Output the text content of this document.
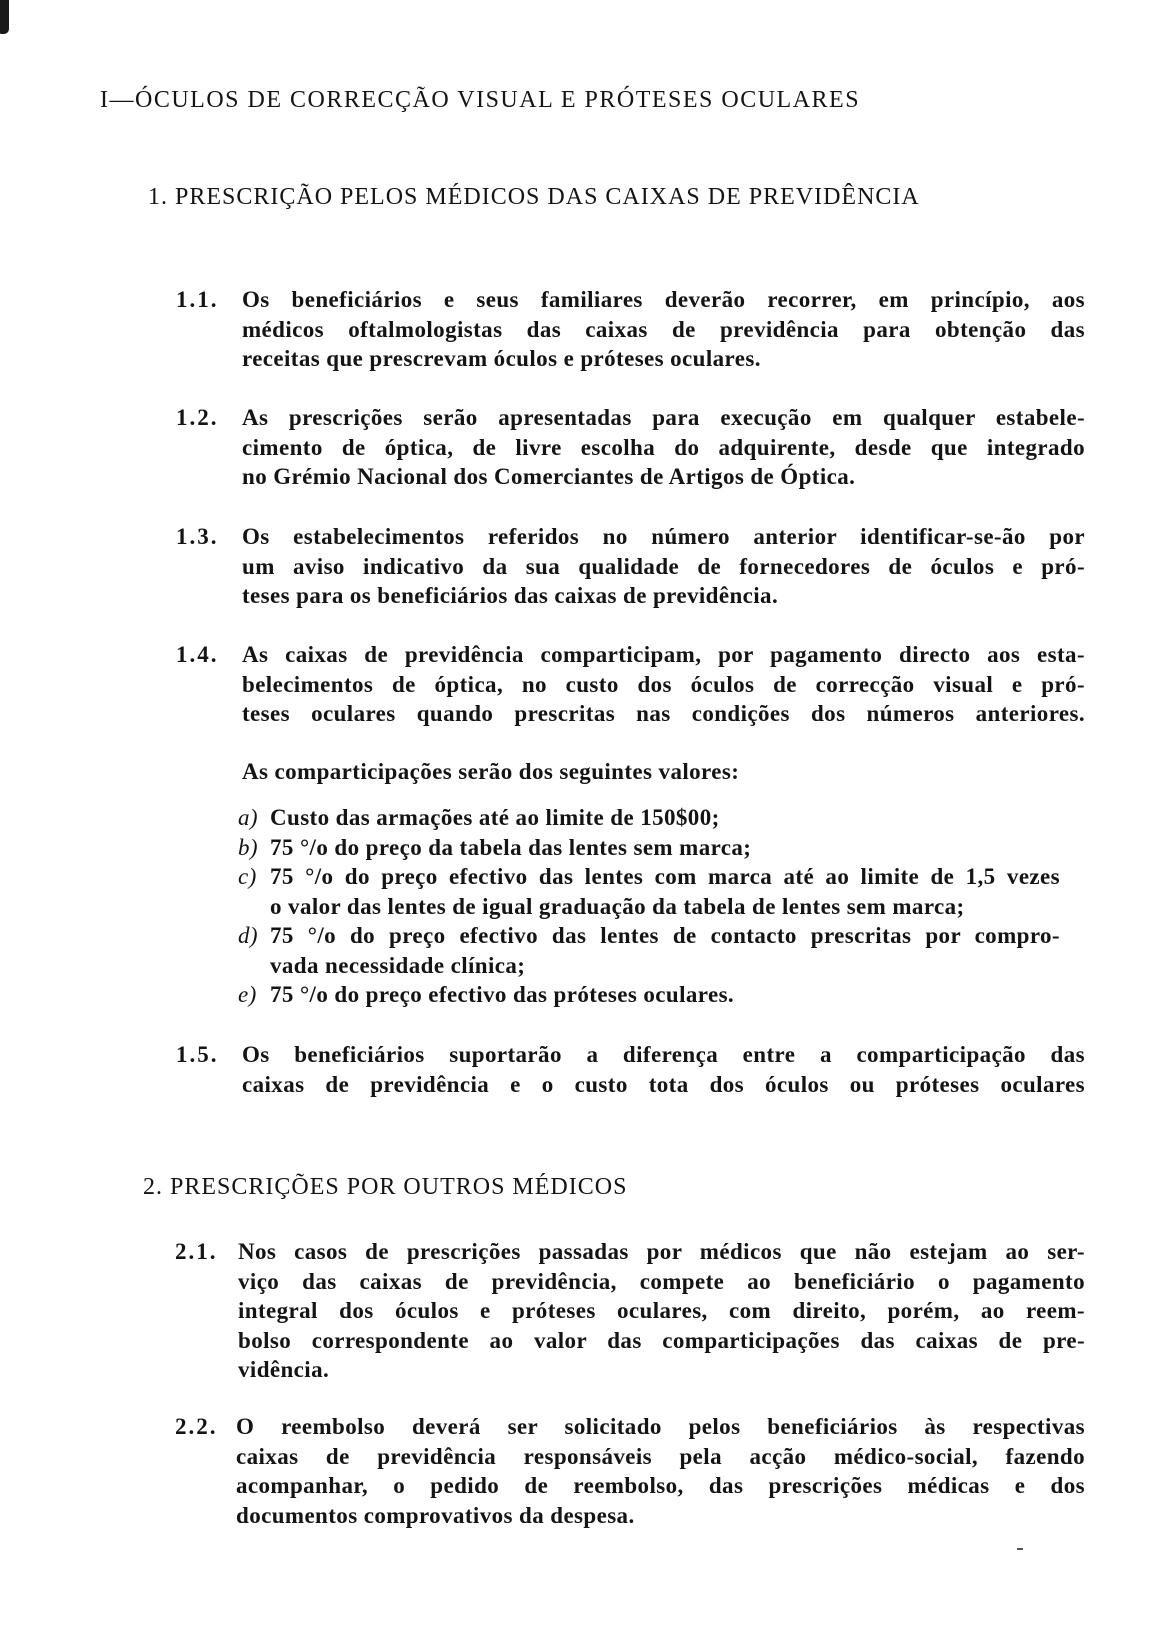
I—ÓCULOS DE CORRECÇÃO VISUAL E PRÓTESES OCULARES
1. PRESCRIÇÃO PELOS MÉDICOS DAS CAIXAS DE PREVIDÊNCIA
1.1. Os beneficiários e seus familiares deverão recorrer, em princípio, aos
médicos oftalmologistas das caixas de previdência para obtenção das
receitas que prescrevam óculos e próteses oculares.
1.2. As prescrições serão apresentadas para execução em qualquer estabele-
cimento de óptica, de livre escolha do adquirente, desde que integrado
no Grémio Nacional dos Comerciantes de Artigos de Óptica.
1.3. Os estabelecimentos referidos no número anterior identificar-se-ão por
um aviso indicativo da sua qualidade de fornecedores de óculos e pró-
teses para os beneficiários das caixas de previdência.
1.4. As caixas de previdência comparticipam, por pagamento directo aos esta-
belecimentos de óptica, no custo dos óculos de correcção visual e pró-
teses oculares quando prescritas nas condições dos números anteriores.
As comparticipações serão dos seguintes valores:
a) Custo das armações até ao limite de 150$00;
b) 75 °/o do preço da tabela das lentes sem marca;
c) 75 °/o do preço efectivo das lentes com marca até ao limite de 1,5 vezes
o valor das lentes de igual graduação da tabela de lentes sem marca;
d) 75 °/o do preço efectivo das lentes de contacto prescritas por compro-
vada necessidade clínica;
e) 75 °/o do preço efectivo das próteses oculares.
1.5. Os beneficiários suportarão a diferença entre a comparticipação das
caixas de previdência e o custo tota dos óculos ou próteses oculares
2. PRESCRIÇÕES POR OUTROS MÉDICOS
2.1. Nos casos de prescrições passadas por médicos que não estejam ao ser-
viço das caixas de previdência, compete ao beneficiário o pagamento
integral dos óculos e próteses oculares, com direito, porém, ao reem-
bolso correspondente ao valor das comparticipações das caixas de pre-
vidência.
2.2. O reembolso deverá ser solicitado pelos beneficiários às respectivas
caixas de previdência responsáveis pela acção médico-social, fazendo
acompanhar, o pedido de reembolso, das prescrições médicas e dos
documentos comprovativos da despesa.
